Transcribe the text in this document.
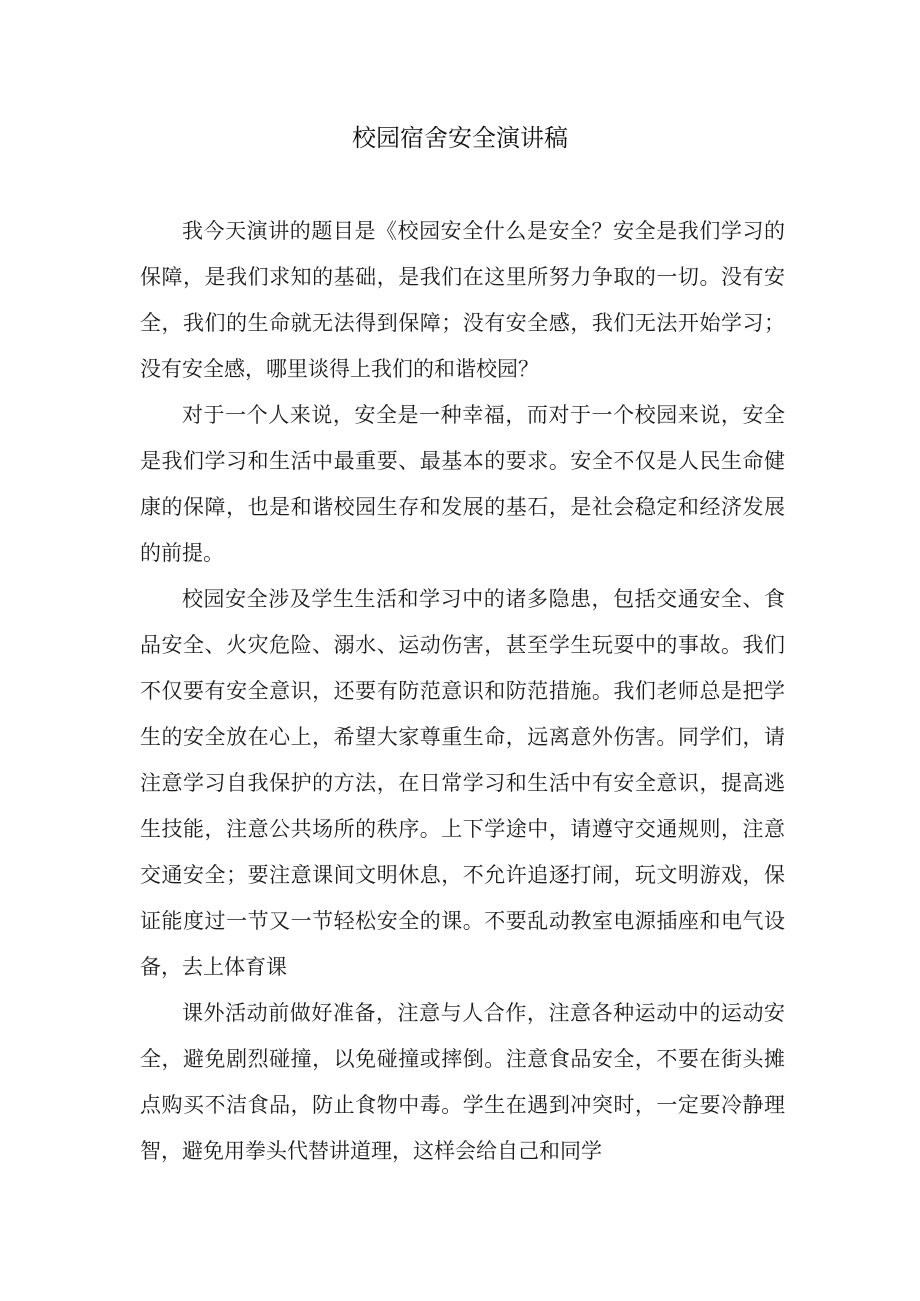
校园宿舍安全演讲稿

我今天演讲的题目是《校园安全什么是安全？安全是我们学习的保障，是我们求知的基础，是我们在这里所努力争取的一切。没有安全，我们的生命就无法得到保障；没有安全感，我们无法开始学习；没有安全感，哪里谈得上我们的和谐校园？

对于一个人来说，安全是一种幸福，而对于一个校园来说，安全是我们学习和生活中最重要、最基本的要求。安全不仅是人民生命健康的保障，也是和谐校园生存和发展的基石，是社会稳定和经济发展的前提。

校园安全涉及学生生活和学习中的诸多隐患，包括交通安全、食品安全、火灾危险、溺水、运动伤害，甚至学生玩耍中的事故。我们不仅要有安全意识，还要有防范意识和防范措施。我们老师总是把学生的安全放在心上，希望大家尊重生命，远离意外伤害。同学们，请注意学习自我保护的方法，在日常学习和生活中有安全意识，提高逃生技能，注意公共场所的秩序。上下学途中，请遵守交通规则，注意交通安全；要注意课间文明休息，不允许追逐打闹，玩文明游戏，保证能度过一节又一节轻松安全的课。不要乱动教室电源插座和电气设备，去上体育课

课外活动前做好准备，注意与人合作，注意各种运动中的运动安全，避免剧烈碰撞，以免碰撞或摔倒。注意食品安全，不要在街头摊点购买不洁食品，防止食物中毒。学生在遇到冲突时，一定要冷静理智，避免用拳头代替讲道理，这样会给自己和同学
